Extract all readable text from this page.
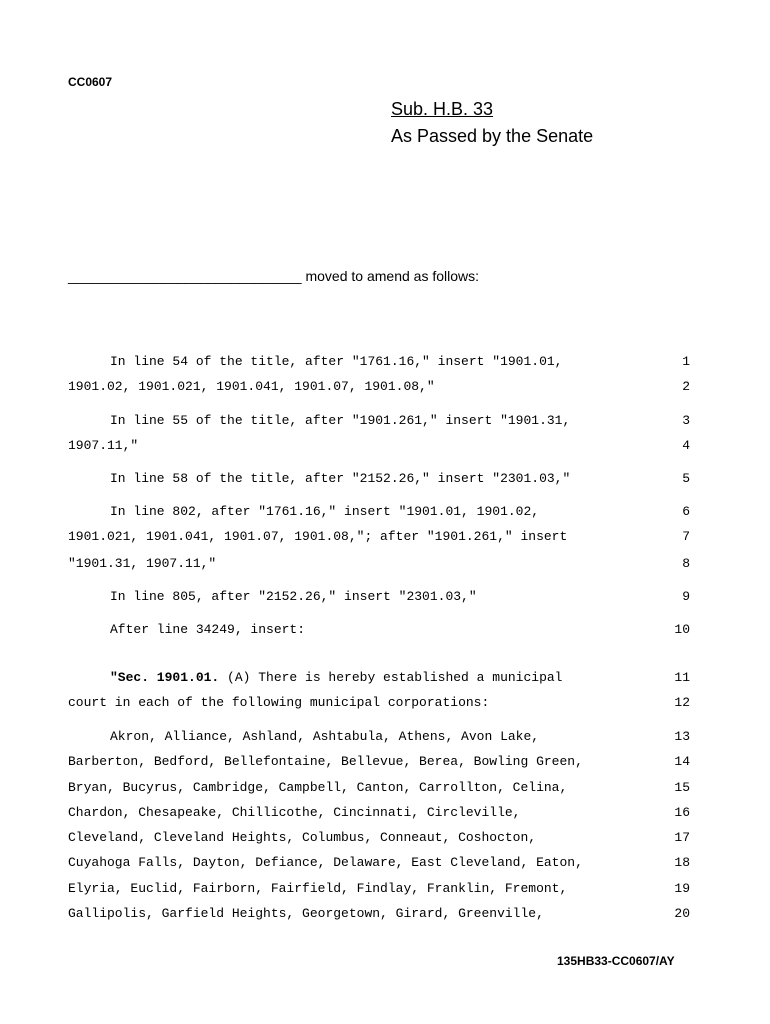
CC0607
Sub. H.B. 33
As Passed by the Senate
______________________________ moved to amend as follows:
In line 54 of the title, after "1761.16," insert "1901.01,	1
1901.02, 1901.021, 1901.041, 1901.07, 1901.08,"	2
In line 55 of the title, after "1901.261," insert "1901.31,	3
1907.11,"	4
In line 58 of the title, after "2152.26," insert "2301.03,"	5
In line 802, after "1761.16," insert "1901.01, 1901.02,	6
1901.021, 1901.041, 1901.07, 1901.08,"; after "1901.261," insert	7
"1901.31, 1907.11,"	8
In line 805, after "2152.26," insert "2301.03,"	9
After line 34249, insert:	10
"Sec. 1901.01. (A) There is hereby established a municipal	11
court in each of the following municipal corporations:	12
Akron, Alliance, Ashland, Ashtabula, Athens, Avon Lake,	13
Barberton, Bedford, Bellefontaine, Bellevue, Berea, Bowling Green,	14
Bryan, Bucyrus, Cambridge, Campbell, Canton, Carrollton, Celina,	15
Chardon, Chesapeake, Chillicothe, Cincinnati, Circleville,	16
Cleveland, Cleveland Heights, Columbus, Conneaut, Coshocton,	17
Cuyahoga Falls, Dayton, Defiance, Delaware, East Cleveland, Eaton,	18
Elyria, Euclid, Fairborn, Fairfield, Findlay, Franklin, Fremont,	19
Gallipolis, Garfield Heights, Georgetown, Girard, Greenville,	20
135HB33-CC0607/AY
